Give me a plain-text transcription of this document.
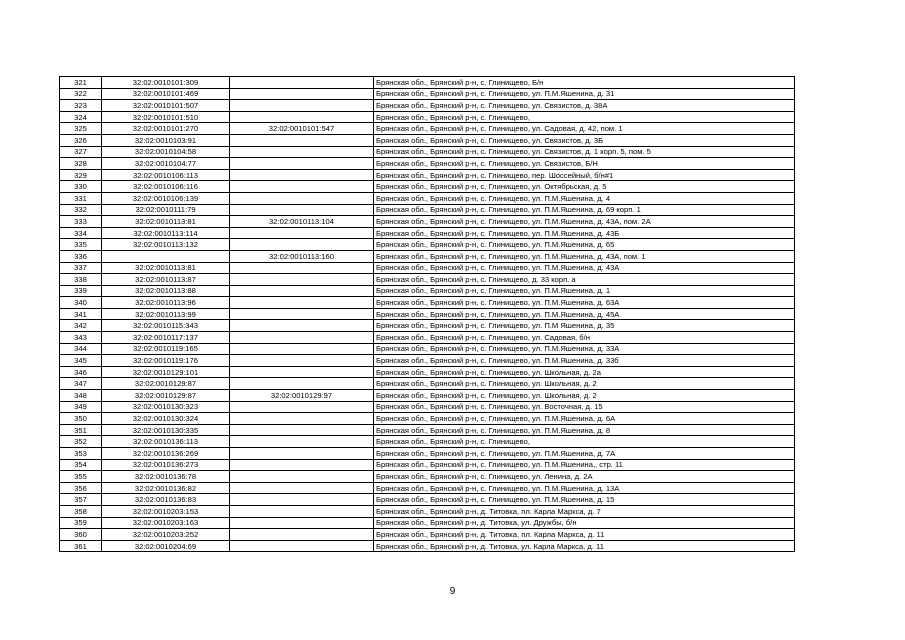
321	32:02:0010101:309		Брянская обл., Брянский р-н, с. Глинищево, Б/н
322	32:02:0010101:469		Брянская обл., Брянский р-н, с. Глинищево, ул. П.М.Яшенина, д. 31
323	32:02:0010101:507		Брянская обл., Брянский р-н, с. Глинищево, ул. Связистов, д. 38А
324	32:02:0010101:510		Брянская обл., Брянский р-н, с. Глинищево,
325	32:02:0010101:270	32:02:0010101:547	Брянская обл., Брянский р-н, с. Глинищево, ул. Садовая, д. 42, пом. 1
326	32:02:0010103:91		Брянская обл., Брянский р-н, с. Глинищево, ул. Связистов, д. 3Б
327	32:02:0010104:58		Брянская обл., Брянский р-н, с. Глинищево, ул. Связистов, д. 1 корп. 5, пом. 5
328	32:02:0010104:77		Брянская обл., Брянский р-н, с. Глинищево, ул. Связистов, Б/Н
329	32:02:0010106:113		Брянская обл., Брянский р-н, с. Глинищево, пер. Шоссейный, б/н#1
330	32:02:0010106:116		Брянская обл., Брянский р-н, с. Глинищево, ул. Октябрьская, д. 5
331	32:02:0010106:139		Брянская обл., Брянский р-н, с. Глинищево, ул. П.М.Яшенина, д. 4
332	32:02:0010111:79		Брянская обл., Брянский р-н, с. Глинищево, ул. П.М.Яшенина, д. 69 корп. 1
333	32:02:0010113:81	32:02:0010113:104	Брянская обл., Брянский р-н, с. Глинищево, ул. П.М.Яшенина, д. 43А, пом. 2А
334	32:02:0010113:114		Брянская обл., Брянский р-н, с. Глинищево, ул. П.М.Яшенина, д. 43Б
335	32:02:0010113:132		Брянская обл., Брянский р-н, с. Глинищево, ул. П.М.Яшенина, д. 65
336		32:02:0010113:160	Брянская обл., Брянский р-н, с. Глинищево, ул. П.М.Яшенина, д. 43А, пом. 1
337	32:02:0010113:81		Брянская обл., Брянский р-н, с. Глинищево, ул. П.М.Яшенина, д. 43А
338	32:02:0010113:87		Брянская обл., Брянский р-н, с. Глинищево, д. 33 корп. а
339	32:02:0010113:88		Брянская обл., Брянский р-н, с. Глинищево, ул. П.М.Яшенина, д. 1
340	32:02:0010113:96		Брянская обл., Брянский р-н, с. Глинищево, ул. П.М.Яшенина, д. 63А
341	32:02:0010113:99		Брянская обл., Брянский р-н, с. Глинищево, ул. П.М.Яшенина, д. 45А
342	32:02:0010115:343		Брянская обл., Брянский р-н, с. Глинищево, ул. П.М Яшенина, д. 35
343	32:02:0010117:137		Брянская обл., Брянский р-н, с. Глинищево, ул. Садовая, б/н
344	32:02:0010119:165		Брянская обл., Брянский р-н, с. Глинищево, ул. П.М.Яшенина, д. 33А
345	32:02:0010119:176		Брянская обл., Брянский р-н, с. Глинищево, ул. П.М.Яшенина, д. 33б
346	32:02:0010129:101		Брянская обл., Брянский р-н, с. Глинищево, ул. Школьная, д. 2а
347	32:02:0010129:87		Брянская обл., Брянский р-н, с. Глинищево, ул. Школьная, д. 2
348	32:02:0010129:87	32:02:0010129:97	Брянская обл., Брянский р-н, с. Глинищево, ул. Школьная, д. 2
349	32:02:0010130:323		Брянская обл., Брянский р-н, с. Глинищево, ул. Восточная, д. 15
350	32:02:0010130:324		Брянская обл., Брянский р-н, с. Глинищево, ул. П.М.Яшенина, д. 6А
351	32:02:0010130:335		Брянская обл., Брянский р-н, с. Глинищево, ул. П.М.Яшенина, д. 8
352	32:02:0010136:113		Брянская обл., Брянский р-н, с. Глинищево,
353	32:02:0010136:269		Брянская обл., Брянский р-н, с. Глинищево, ул. П.М.Яшенина, д. 7А
354	32:02:0010136:273		Брянская обл., Брянский р-н, с. Глинищево, ул. П.М.Яшенина,, стр. 11
355	32:02:0010136:78		Брянская обл., Брянский р-н, с. Глинищево, ул. Ленина, д. 2А
356	32:02:0010136:82		Брянская обл., Брянский р-н, с. Глинищево, ул. П.М.Яшенина, д. 13А
357	32:02:0010136:83		Брянская обл., Брянский р-н, с. Глинищево, ул. П.М.Яшенина, д. 15
358	32:02:0010203:153		Брянская обл., Брянский р-н, д. Титовка, пл. Карла Маркса, д. 7
359	32:02:0010203:163		Брянская обл., Брянский р-н, д. Титовка, ул. Дружбы, б/н
360	32:02:0010203:252		Брянская обл., Брянский р-н, д. Титовка, пл. Карла Маркса, д. 11
361	32:02:0010204:69		Брянская обл., Брянский р-н, д. Титовка, ул. Карла Маркса, д. 11
9
